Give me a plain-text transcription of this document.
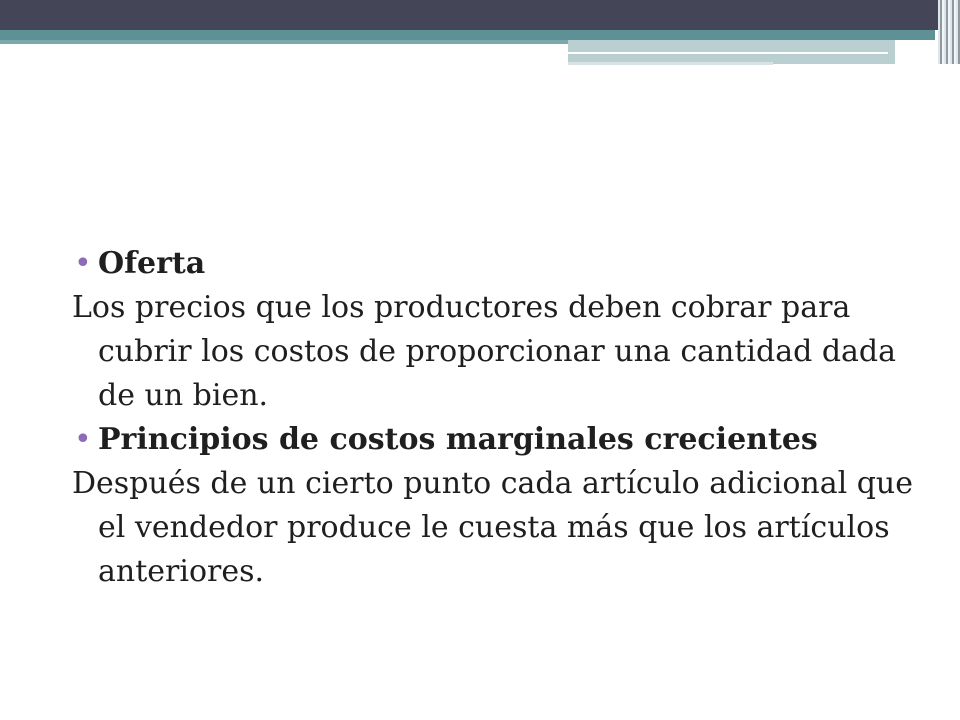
• Oferta
Los precios que los productores deben cobrar para cubrir los costos de proporcionar una cantidad dada de un bien.
• Principios de costos marginales crecientes
Después de un cierto punto cada artículo adicional que el vendedor produce le cuesta más que los artículos anteriores.
